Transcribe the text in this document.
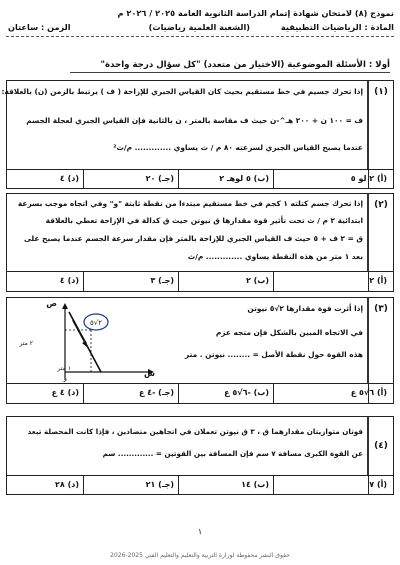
نموذج (٨) لامتحان شهادة إتمام الدراسة الثانوية العامة ٢٠٢٥ / ٢٠٢٦ م
المادة : الرياضيات التطبيقية
(الشعبة العلمية رياضيات)
الزمن : ساعتان
أولا : الأسئلة الموضوعية (الاختيار من متعدد) "كل سؤال درجة واحدة"
(١)
إذا تحرك جسيم في خط مستقيم بحيث كان القياس الجبري للإزاحة ( ف ) يرتبط بالزمن (ن) بالعلاقة:
ف = ١٠٠ ن + ٢٠٠ هـ^-ن حيث ف مقاسة بالمتر ، ن بالثانية فإن القياس الجبري لعجلة الجسم
عندما يصبح القياس الجبري لسرعته ٨٠ م / ث يساوي ............. م/ث²
(أ) ٢ لو ٥
(ب) ٥ لوهـ ٢
(جـ) ٢٠
(د) ٤
(٢)
إذا تحرك جسم كتلته ١ كجم في خط مستقيم مبتدءا من نقطة ثابتة "و" وفي اتجاه موجب بسرعة
ابتدائية ٢ م / ث تحت تأثير قوة مقدارها ق نيوتن حيث ق كدالة في الإزاحة تعطي بالعلاقة
ق = ٢ ف + ٥ حيث ف القياس الجبري للإزاحة بالمتر فإن مقدار سرعة الجسم عندما يصبح على
بعد ١ متر من هذه النقطة يساوي ............. م/ث
(أ) ٢
(ب) ٢
(جـ) ٣
(د) ٤
(٣)
إذا أثرت قوة مقدارها ٢√٥ نيوتن
في الاتجاه المبين بالشكل فإن متجه عزم
هذه القوة حول نقطة الأصل = ........ نيوتن . متر
٢√٥
ص
س
و
٢ متر
١ متر
(أ) ٦√٥ ع
(ب) -٦√٥ ع
(جـ) -٤ ع
(د) ٤ ع
(٤)
قوتان متوازيتان مقدارهما ق ، ٣ ق نيوتن تعملان في اتجاهين متضادين ، فإذا كانت المحصلة تبعد
عن القوة الكبرى مسافة ٧ سم فإن المسافة بين القوتين = ............. سم
(أ) ٧
(ب) ١٤
(جـ) ٢١
(د) ٢٨
١
حقوق النشر محفوظة لوزارة التربية والتعليم والتعليم الفني 2025-2026
